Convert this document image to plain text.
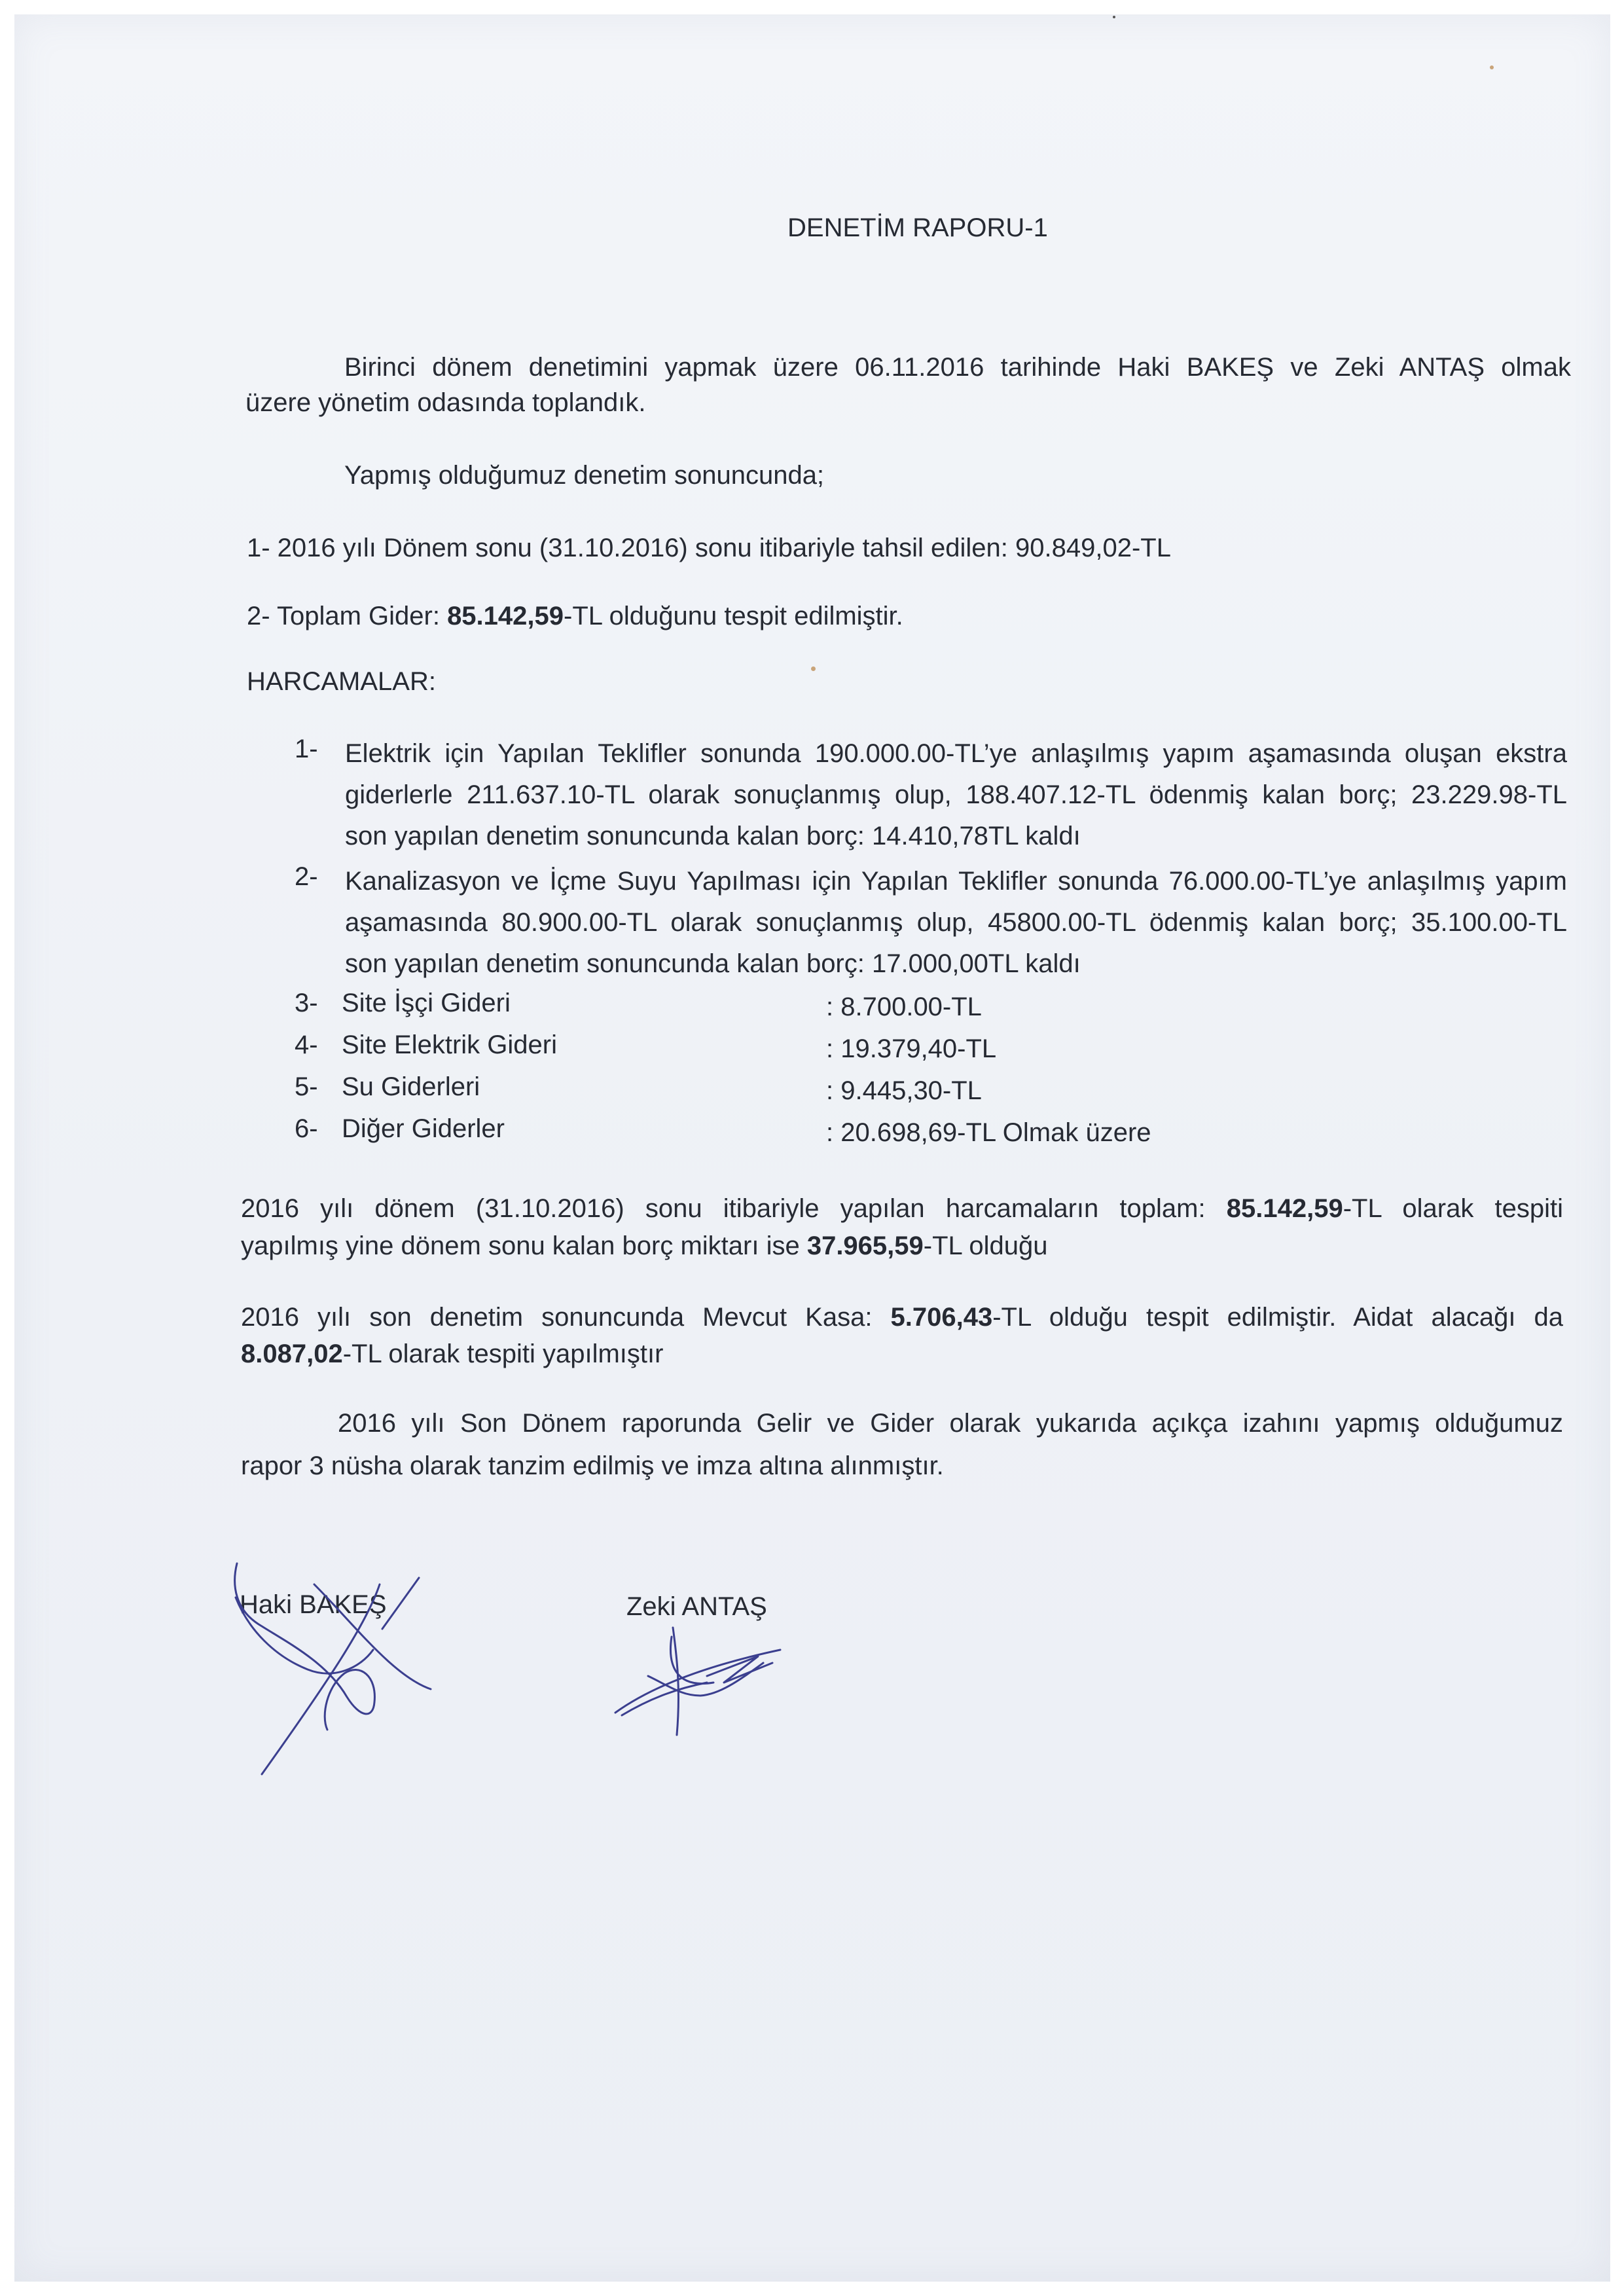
DENETİM RAPORU-1
Birinci dönem denetimini yapmak üzere 06.11.2016 tarihinde Haki BAKEŞ ve Zeki ANTAŞ olmak
üzere yönetim odasında toplandık.
Yapmış olduğumuz denetim sonuncunda;
1- 2016 yılı Dönem sonu (31.10.2016) sonu itibariyle tahsil edilen: 90.849,02-TL
2- Toplam Gider: 85.142,59-TL olduğunu tespit edilmiştir.
HARCAMALAR:
1- Elektrik için Yapılan Teklifler sonunda 190.000.00-TL’ye anlaşılmış yapım aşamasında oluşan ekstra
giderlerle 211.637.10-TL olarak sonuçlanmış olup, 188.407.12-TL ödenmiş kalan borç; 23.229.98-TL
son yapılan denetim sonuncunda kalan borç: 14.410,78TL kaldı
2- Kanalizasyon ve İçme Suyu Yapılması için Yapılan Teklifler sonunda 76.000.00-TL’ye anlaşılmış yapım
aşamasında 80.900.00-TL olarak sonuçlanmış olup, 45800.00-TL ödenmiş kalan borç; 35.100.00-TL
son yapılan denetim sonuncunda kalan borç: 17.000,00TL kaldı
3- Site İşçi Gideri	: 8.700.00-TL
4- Site Elektrik Gideri	: 19.379,40-TL
5- Su Giderleri	: 9.445,30-TL
6- Diğer Giderler	: 20.698,69-TL Olmak üzere
2016 yılı dönem (31.10.2016) sonu itibariyle yapılan harcamaların toplam: 85.142,59-TL olarak tespiti
yapılmış yine dönem sonu kalan borç miktarı ise 37.965,59-TL olduğu
2016 yılı son denetim sonuncunda Mevcut Kasa: 5.706,43-TL olduğu tespit edilmiştir. Aidat alacağı da
8.087,02-TL olarak tespiti yapılmıştır
2016 yılı Son Dönem raporunda Gelir ve Gider olarak yukarıda açıkça izahını yapmış olduğumuz
rapor 3 nüsha olarak tanzim edilmiş ve imza altına alınmıştır.
Haki BAKEŞ	Zeki ANTAŞ
